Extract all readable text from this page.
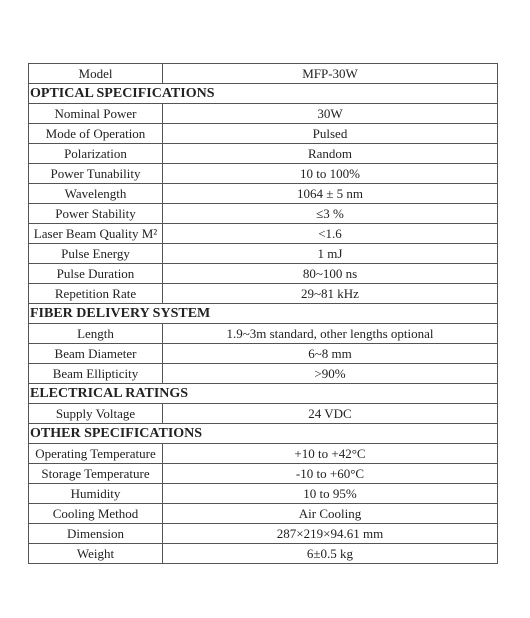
Model	MFP-30W
OPTICAL SPECIFICATIONS	
Nominal Power	30W
Mode of Operation	Pulsed
Polarization	Random
Power Tunability	10 to 100%
Wavelength	1064 ± 5 nm
Power Stability	≤3 %
Laser Beam Quality M²	<1.6
Pulse Energy	1 mJ
Pulse Duration	80~100 ns
Repetition Rate	29~81 kHz
FIBER DELIVERY SYSTEM	
Length	1.9~3m standard, other lengths optional
Beam Diameter	6~8 mm
Beam Ellipticity	>90%
ELECTRICAL RATINGS	
Supply Voltage	24 VDC
OTHER SPECIFICATIONS	
Operating Temperature	+10 to +42°C
Storage Temperature	-10 to +60°C
Humidity	10 to 95%
Cooling Method	Air Cooling
Dimension	287×219×94.61 mm
Weight	6±0.5 kg
